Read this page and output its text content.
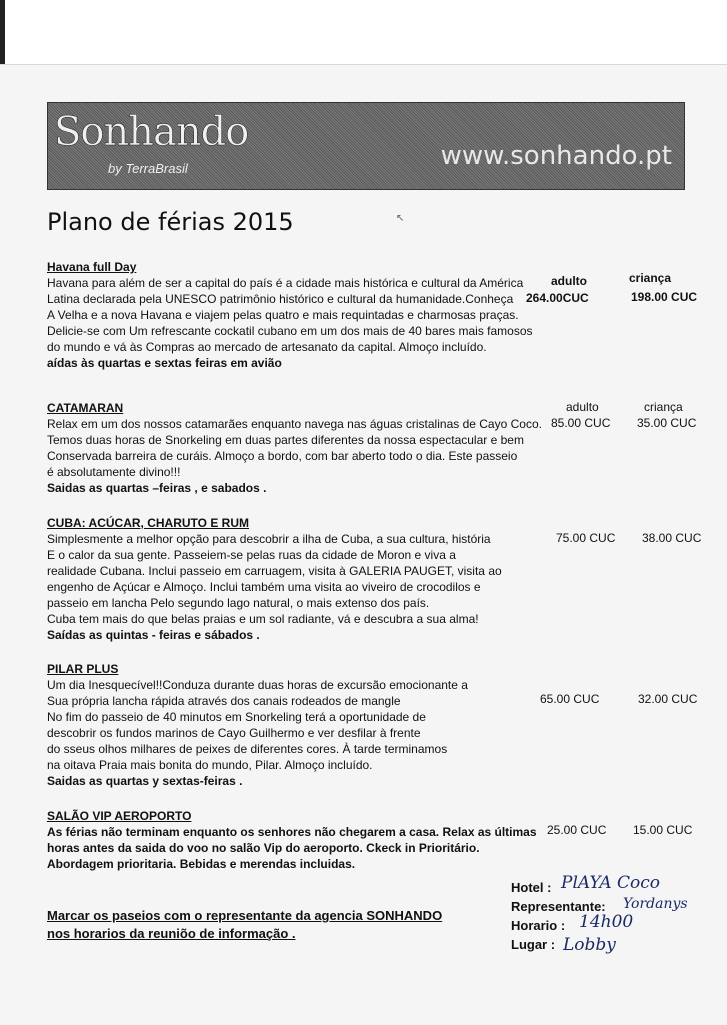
Sonhando
by TerraBrasil	www.sonhando.pt
Plano de férias 2015	↖
Havana full Day
Havana para além de ser a capital do país é a cidade mais histórica e cultural da América
Latina declarada pela UNESCO patrimônio histórico e cultural da humanidade.Conheça
A Velha e a nova Havana e viajem pelas quatro e mais requintadas e charmosas praças.
Delicie-se com Um refrescante cockatil cubano em um dos mais de 40 bares mais famosos
do mundo e vá às Compras ao mercado de artesanato da capital. Almoço incluído.
aídas às quartas e sextas feiras em avião
adulto	criança
264.00CUC	198.00 CUC
CATAMARAN
Relax em um dos nossos catamarães enquanto navega nas águas cristalinas de Cayo Coco.
Temos duas horas de Snorkeling em duas partes diferentes da nossa espectacular e bem
Conservada barreira de curáis. Almoço a bordo, com bar aberto todo o dia. Este passeio
é absolutamente divino!!!
Saidas as quartas –feiras , e sabados .
adulto	criança
85.00 CUC 35.00 CUC
CUBA: ACÚCAR, CHARUTO E RUM
Simplesmente a melhor opção para descobrir a ilha de Cuba, a sua cultura, história
E o calor da sua gente. Passeiem-se pelas ruas da cidade de Moron e viva a
realidade Cubana. Inclui passeio em carruagem, visita à GALERIA PAUGET, visita ao
engenho de Açúcar e Almoço. Inclui também uma visita ao viveiro de crocodilos e
passeio em lancha Pelo segundo lago natural, o mais extenso dos país.
Cuba tem mais do que belas praias e um sol radiante, vá e descubra a sua alma!
Saídas as quintas - feiras e sábados .
75.00 CUC 38.00 CUC
PILAR PLUS
Um dia Inesquecível!!Conduza durante duas horas de excursão emocionante a
Sua própria lancha rápida através dos canais rodeados de mangle
No fim do passeio de 40 minutos em Snorkeling terá a oportunidade de
descobrir os fundos marinos de Cayo Guilhermo e ver desfilar à frente
do sseus olhos milhares de peixes de diferentes cores. À tarde terminamos
na oitava Praia mais bonita do mundo, Pilar. Almoço incluído.
Saidas as quartas y sextas-feiras .
65.00 CUC	32.00 CUC
SALÃO VIP AEROPORTO
As férias não terminam enquanto os senhores não chegarem a casa. Relax as últimas
horas antes da saida do voo no salão Vip do aeroporto. Ckeck in Prioritário.
Abordagem prioritaria. Bebidas e merendas incluidas.
25.00 CUC 15.00 CUC
Marcar os paseios com o representante da agencia SONHANDO
nos horarios da reuniõo de informação .
Hotel : PlAYA Coco
Representante: Yordanys
Horario : 14h00
Lugar : Lobby
